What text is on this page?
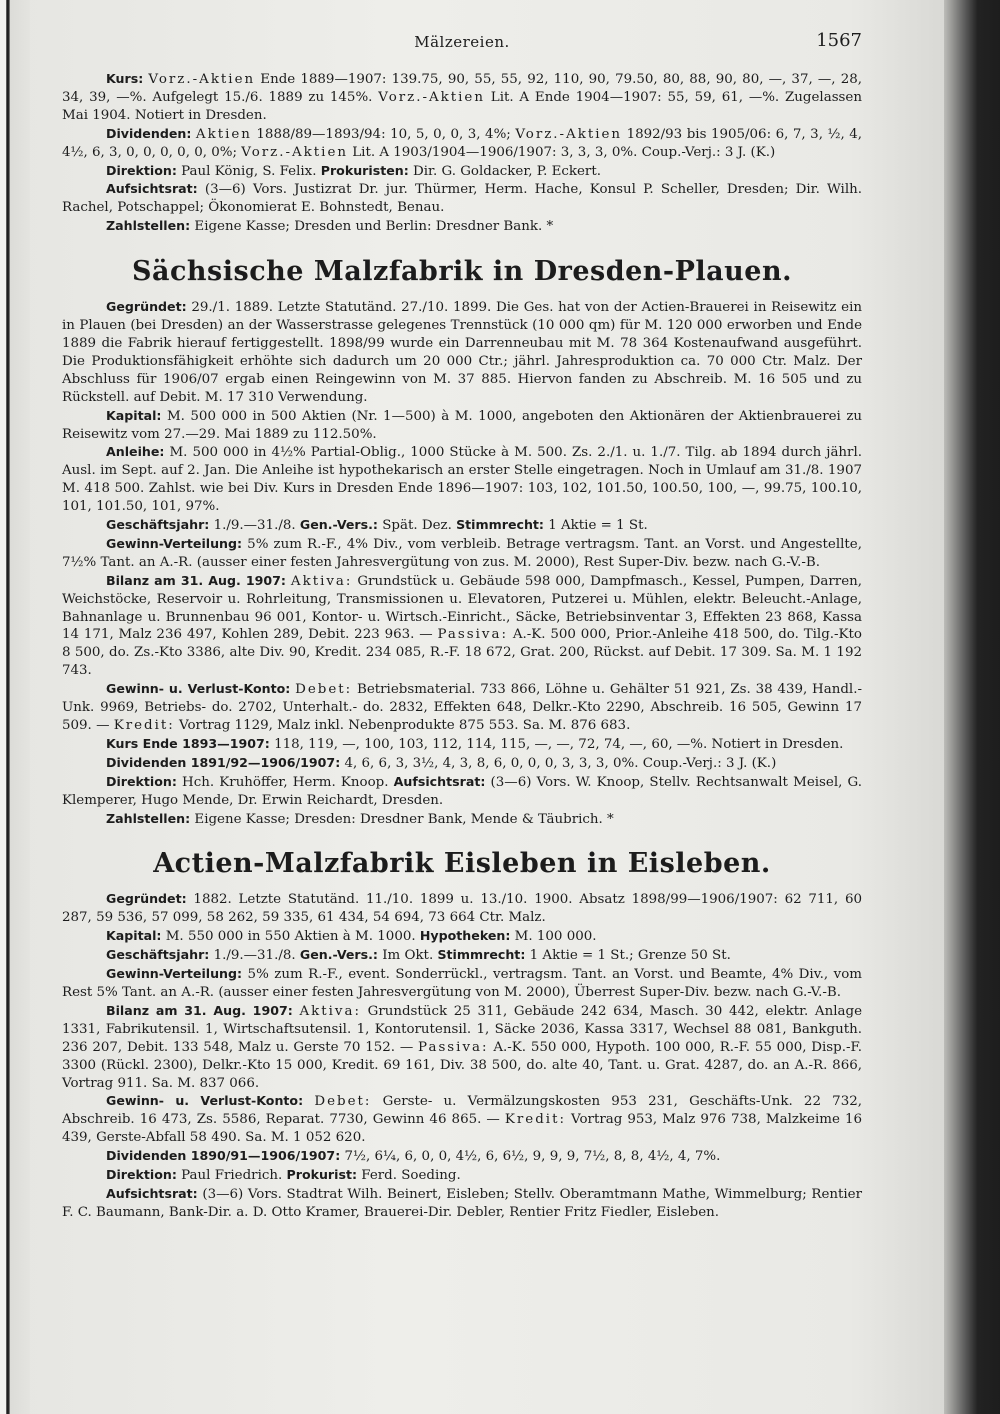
Mälzereien.	1567

Kurs: Vorz.-Aktien Ende 1889—1907: 139.75, 90, 55, 55, 92, 110, 90, 79.50, 80, 88, 90, 80, —, 37, —, 28, 34, 39, —%. Aufgelegt 15./6. 1889 zu 145%. Vorz.-Aktien Lit. A Ende 1904—1907: 55, 59, 61, —%. Zugelassen Mai 1904. Notiert in Dresden.

Dividenden: Aktien 1888/89—1893/94: 10, 5, 0, 0, 3, 4%; Vorz.-Aktien 1892/93 bis 1905/06: 6, 7, 3, ½, 4, 4½, 6, 3, 0, 0, 0, 0, 0, 0%; Vorz.-Aktien Lit. A 1903/1904—1906/1907: 3, 3, 3, 0%. Coup.-Verj.: 3 J. (K.)

Direktion: Paul König, S. Felix. Prokuristen: Dir. G. Goldacker, P. Eckert.

Aufsichtsrat: (3—6) Vors. Justizrat Dr. jur. Thürmer, Herm. Hache, Konsul P. Scheller, Dresden; Dir. Wilh. Rachel, Potschappel; Ökonomierat E. Bohnstedt, Benau.

Zahlstellen: Eigene Kasse; Dresden und Berlin: Dresdner Bank. *

Sächsische Malzfabrik in Dresden-Plauen.

Gegründet: 29./1. 1889. Letzte Statutänd. 27./10. 1899. Die Ges. hat von der Actien-Brauerei in Reisewitz ein in Plauen (bei Dresden) an der Wasserstrasse gelegenes Trennstück (10 000 qm) für M. 120 000 erworben und Ende 1889 die Fabrik hierauf fertiggestellt. 1898/99 wurde ein Darrenneubau mit M. 78 364 Kostenaufwand ausgeführt. Die Produktionsfähigkeit erhöhte sich dadurch um 20 000 Ctr.; jährl. Jahresproduktion ca. 70 000 Ctr. Malz. Der Abschluss für 1906/07 ergab einen Reingewinn von M. 37 885. Hiervon fanden zu Abschreib. M. 16 505 und zu Rückstell. auf Debit. M. 17 310 Verwendung.

Kapital: M. 500 000 in 500 Aktien (Nr. 1—500) à M. 1000, angeboten den Aktionären der Aktienbrauerei zu Reisewitz vom 27.—29. Mai 1889 zu 112.50%.

Anleihe: M. 500 000 in 4½% Partial-Oblig., 1000 Stücke à M. 500. Zs. 2./1. u. 1./7. Tilg. ab 1894 durch jährl. Ausl. im Sept. auf 2. Jan. Die Anleihe ist hypothekarisch an erster Stelle eingetragen. Noch in Umlauf am 31./8. 1907 M. 418 500. Zahlst. wie bei Div. Kurs in Dresden Ende 1896—1907: 103, 102, 101.50, 100.50, 100, —, 99.75, 100.10, 101, 101.50, 101, 97%.

Geschäftsjahr: 1./9.—31./8. Gen.-Vers.: Spät. Dez. Stimmrecht: 1 Aktie = 1 St.

Gewinn-Verteilung: 5% zum R.-F., 4% Div., vom verbleib. Betrage vertragsm. Tant. an Vorst. und Angestellte, 7½% Tant. an A.-R. (ausser einer festen Jahresvergütung von zus. M. 2000), Rest Super-Div. bezw. nach G.-V.-B.

Bilanz am 31. Aug. 1907: Aktiva: Grundstück u. Gebäude 598 000, Dampfmasch., Kessel, Pumpen, Darren, Weichstöcke, Reservoir u. Rohrleitung, Transmissionen u. Elevatoren, Putzerei u. Mühlen, elektr. Beleucht.-Anlage, Bahnanlage u. Brunnenbau 96 001, Kontor- u. Wirtsch.-Einricht., Säcke, Betriebsinventar 3, Effekten 23 868, Kassa 14 171, Malz 236 497, Kohlen 289, Debit. 223 963. — Passiva: A.-K. 500 000, Prior.-Anleihe 418 500, do. Tilg.-Kto 8 500, do. Zs.-Kto 3386, alte Div. 90, Kredit. 234 085, R.-F. 18 672, Grat. 200, Rückst. auf Debit. 17 309. Sa. M. 1 192 743.

Gewinn- u. Verlust-Konto: Debet: Betriebsmaterial. 733 866, Löhne u. Gehälter 51 921, Zs. 38 439, Handl.-Unk. 9969, Betriebs- do. 2702, Unterhalt.- do. 2832, Effekten 648, Delkr.-Kto 2290, Abschreib. 16 505, Gewinn 17 509. — Kredit: Vortrag 1129, Malz inkl. Nebenprodukte 875 553. Sa. M. 876 683.

Kurs Ende 1893—1907: 118, 119, —, 100, 103, 112, 114, 115, —, —, 72, 74, —, 60, —%. Notiert in Dresden.

Dividenden 1891/92—1906/1907: 4, 6, 6, 3, 3½, 4, 3, 8, 6, 0, 0, 0, 3, 3, 3, 0%. Coup.-Verj.: 3 J. (K.)

Direktion: Hch. Kruhöffer, Herm. Knoop. Aufsichtsrat: (3—6) Vors. W. Knoop, Stellv. Rechtsanwalt Meisel, G. Klemperer, Hugo Mende, Dr. Erwin Reichardt, Dresden.

Zahlstellen: Eigene Kasse; Dresden: Dresdner Bank, Mende & Täubrich. *

Actien-Malzfabrik Eisleben in Eisleben.

Gegründet: 1882. Letzte Statutänd. 11./10. 1899 u. 13./10. 1900. Absatz 1898/99—1906/1907: 62 711, 60 287, 59 536, 57 099, 58 262, 59 335, 61 434, 54 694, 73 664 Ctr. Malz.

Kapital: M. 550 000 in 550 Aktien à M. 1000. Hypotheken: M. 100 000.

Geschäftsjahr: 1./9.—31./8. Gen.-Vers.: Im Okt. Stimmrecht: 1 Aktie = 1 St.; Grenze 50 St.

Gewinn-Verteilung: 5% zum R.-F., event. Sonderrückl., vertragsm. Tant. an Vorst. und Beamte, 4% Div., vom Rest 5% Tant. an A.-R. (ausser einer festen Jahresvergütung von M. 2000), Überrest Super-Div. bezw. nach G.-V.-B.

Bilanz am 31. Aug. 1907: Aktiva: Grundstück 25 311, Gebäude 242 634, Masch. 30 442, elektr. Anlage 1331, Fabrikutensil. 1, Wirtschaftsutensil. 1, Kontorutensil. 1, Säcke 2036, Kassa 3317, Wechsel 88 081, Bankguth. 236 207, Debit. 133 548, Malz u. Gerste 70 152. — Passiva: A.-K. 550 000, Hypoth. 100 000, R.-F. 55 000, Disp.-F. 3300 (Rückl. 2300), Delkr.-Kto 15 000, Kredit. 69 161, Div. 38 500, do. alte 40, Tant. u. Grat. 4287, do. an A.-R. 866, Vortrag 911. Sa. M. 837 066.

Gewinn- u. Verlust-Konto: Debet: Gerste- u. Vermälzungskosten 953 231, Geschäfts-Unk. 22 732, Abschreib. 16 473, Zs. 5586, Reparat. 7730, Gewinn 46 865. — Kredit: Vortrag 953, Malz 976 738, Malzkeime 16 439, Gerste-Abfall 58 490. Sa. M. 1 052 620.

Dividenden 1890/91—1906/1907: 7½, 6¼, 6, 0, 0, 4½, 6, 6½, 9, 9, 9, 7½, 8, 8, 4½, 4, 7%.

Direktion: Paul Friedrich. Prokurist: Ferd. Soeding.

Aufsichtsrat: (3—6) Vors. Stadtrat Wilh. Beinert, Eisleben; Stellv. Oberamtmann Mathe, Wimmelburg; Rentier F. C. Baumann, Bank-Dir. a. D. Otto Kramer, Brauerei-Dir. Debler, Rentier Fritz Fiedler, Eisleben.
